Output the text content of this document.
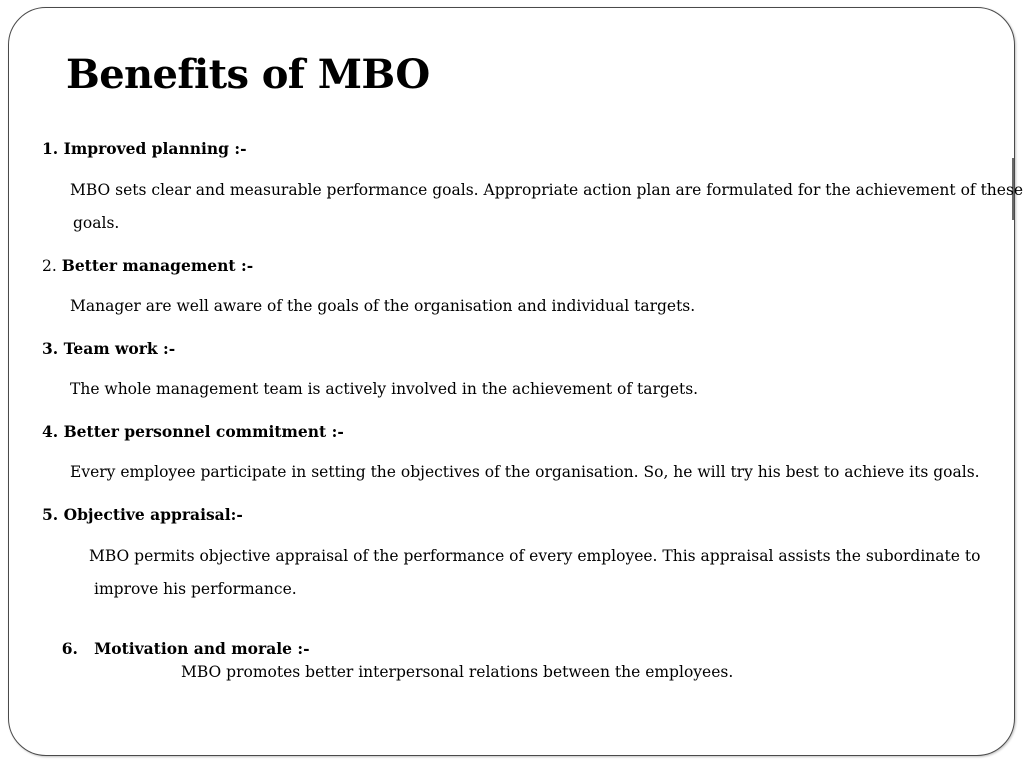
Benefits of MBO
1. Improved planning :-
MBO sets clear and measurable performance goals. Appropriate action plan are formulated for the achievement of these
goals.
2. Better management :-
Manager are well aware of the goals of the organisation and individual targets.
3. Team work :-
The whole management team is actively involved in the achievement of targets.
4. Better personnel commitment :-
Every employee participate in setting the objectives of the organisation. So, he will try his best to achieve its goals.
5. Objective appraisal:-
MBO permits objective appraisal of the performance of every employee. This appraisal assists the subordinate to
improve his performance.

6.   Motivation and morale :-

MBO promotes better interpersonal relations between the employees.
